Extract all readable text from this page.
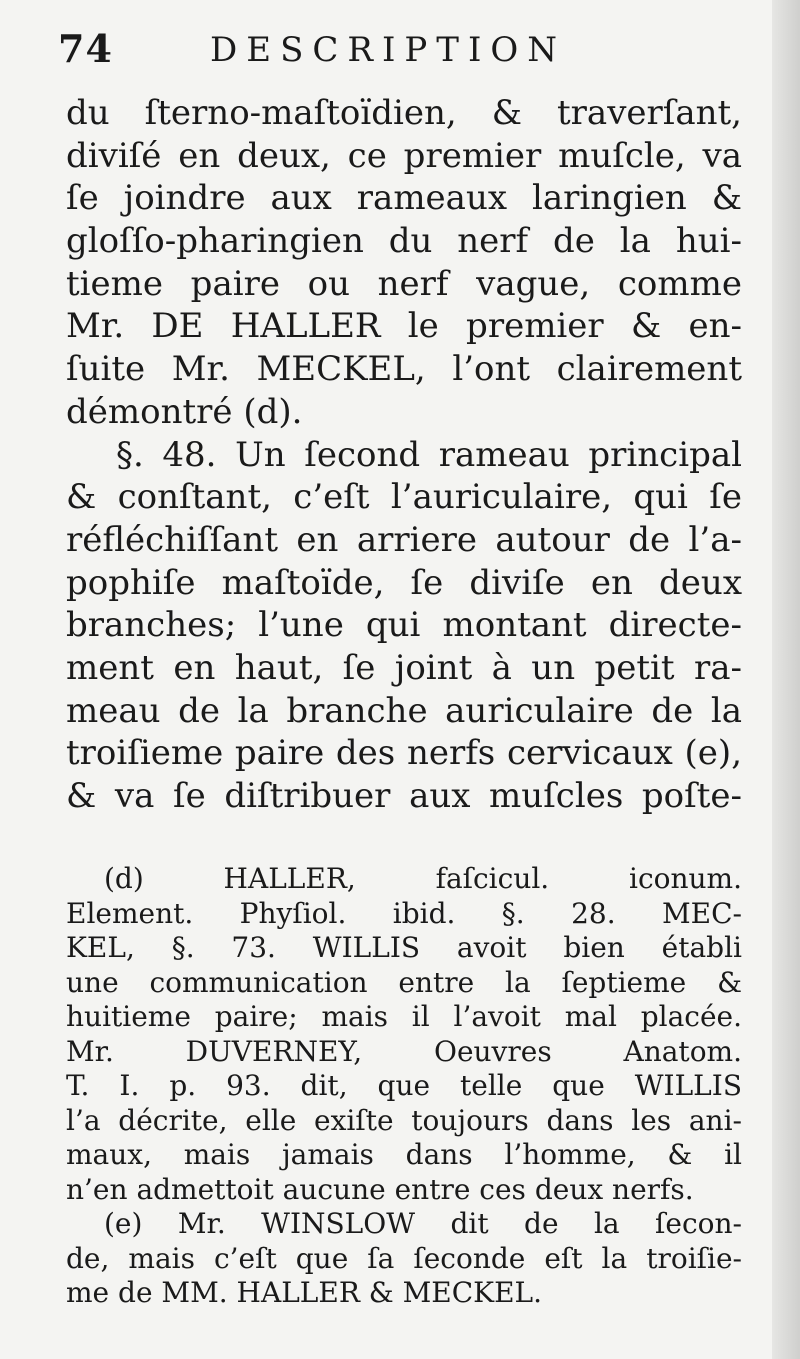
74	DESCRIPTION
du ſterno-maſtoïdien, & traverſant,
diviſé en deux, ce premier muſcle, va
ſe joindre aux rameaux laringien &
gloſſo-pharingien du nerf de la hui-
tieme paire ou nerf vague, comme
Mr. DE HALLER le premier & en-
ſuite Mr. MECKEL, l’ont clairement
démontré (d).
§. 48. Un ſecond rameau principal
& conſtant, c’eſt l’auriculaire, qui ſe
réfléchiſſant en arriere autour de l’a-
pophiſe maſtoïde, ſe diviſe en deux
branches; l’une qui montant directe-
ment en haut, ſe joint à un petit ra-
meau de la branche auriculaire de la
troiſieme paire des nerfs cervicaux (e),
& va ſe diſtribuer aux muſcles poſte-
(d) HALLER, faſcicul. iconum.
Element. Phyſiol. ibid. §. 28. MEC-
KEL, §. 73. WILLIS avoit bien établi
une communication entre la ſeptieme &
huitieme paire; mais il l’avoit mal placée.
Mr. DUVERNEY, Oeuvres Anatom.
T. I. p. 93. dit, que telle que WILLIS
l’a décrite, elle exiſte toujours dans les ani-
maux, mais jamais dans l’homme, & il
n’en admettoit aucune entre ces deux nerfs.
(e) Mr. WINSLOW dit de la ſecon-
de, mais c’eſt que ſa ſeconde eſt la troiſie-
me de MM. HALLER & MECKEL.
